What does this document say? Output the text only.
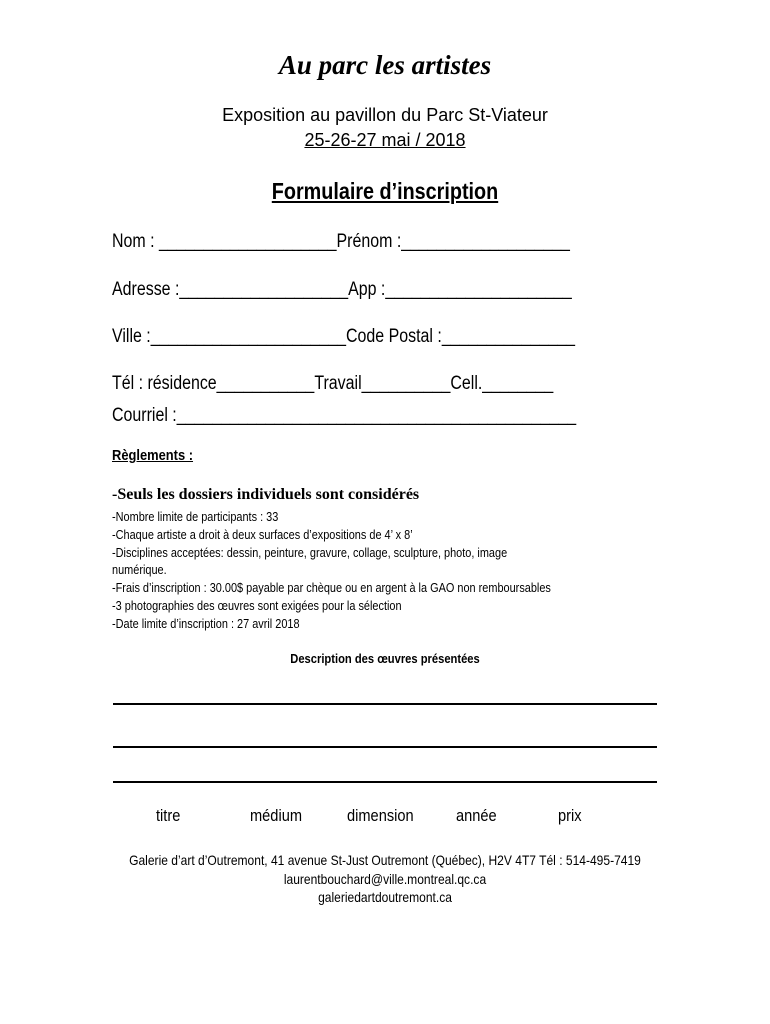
Au parc les artistes
Exposition au pavillon du Parc St-Viateur
25-26-27 mai / 2018
Formulaire d’inscription
Nom : ____________________Prénom :___________________
Adresse :___________________App :_____________________
Ville :______________________Code Postal :_______________
Tél : résidence___________Travail__________Cell.________
Courriel :_____________________________________________
Règlements :
-Seuls les dossiers individuels sont considérés
-Nombre limite de participants : 33
-Chaque artiste a droit à deux surfaces d’expositions de 4’ x 8’
-Disciplines acceptées: dessin, peinture, gravure, collage, sculpture, photo, image
numérique.
-Frais d’inscription : 30.00$ payable par chèque ou en argent à la GAO non remboursables
-3 photographies des œuvres sont exigées pour la sélection
-Date limite d’inscription : 27 avril 2018
Description des œuvres présentées
titre	médium	dimension année	prix
Galerie d’art d’Outremont, 41 avenue St-Just Outremont (Québec), H2V 4T7 Tél : 514-495-7419
laurentbouchard@ville.montreal.qc.ca
galeriedartdoutremont.ca
